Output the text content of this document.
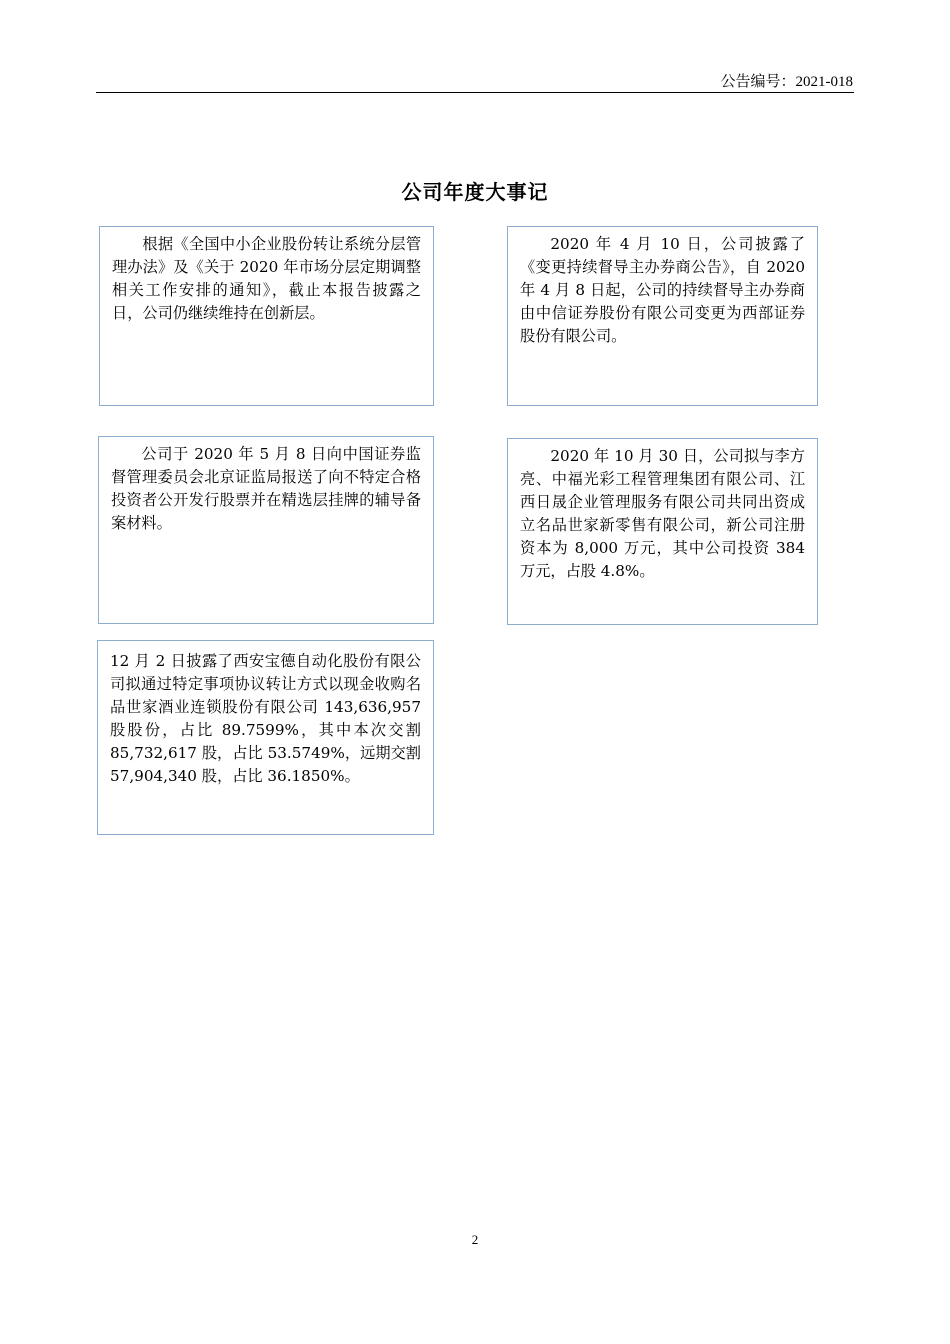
公告编号：2021-018
公司年度大事记
根据《全国中小企业股份转让系统分层管理办法》及《关于 2020 年市场分层定期调整相关工作安排的通知》，截止本报告披露之日，公司仍继续维持在创新层。
2020 年 4 月 10 日，公司披露了《变更持续督导主办券商公告》，自 2020 年 4 月 8 日起，公司的持续督导主办券商由中信证券股份有限公司变更为西部证券股份有限公司。
公司于 2020 年 5 月 8 日向中国证券监督管理委员会北京证监局报送了向不特定合格投资者公开发行股票并在精选层挂牌的辅导备案材料。
2020 年 10 月 30 日，公司拟与李方亮、中福光彩工程管理集团有限公司、江西日晟企业管理服务有限公司共同出资成立名品世家新零售有限公司，新公司注册资本为 8,000 万元，其中公司投资 384 万元，占股 4.8%。
12 月 2 日披露了西安宝德自动化股份有限公司拟通过特定事项协议转让方式以现金收购名品世家酒业连锁股份有限公司 143,636,957 股股份，占比 89.7599%，其中本次交割 85,732,617 股，占比 53.5749%，远期交割 57,904,340 股，占比 36.1850%。
2
